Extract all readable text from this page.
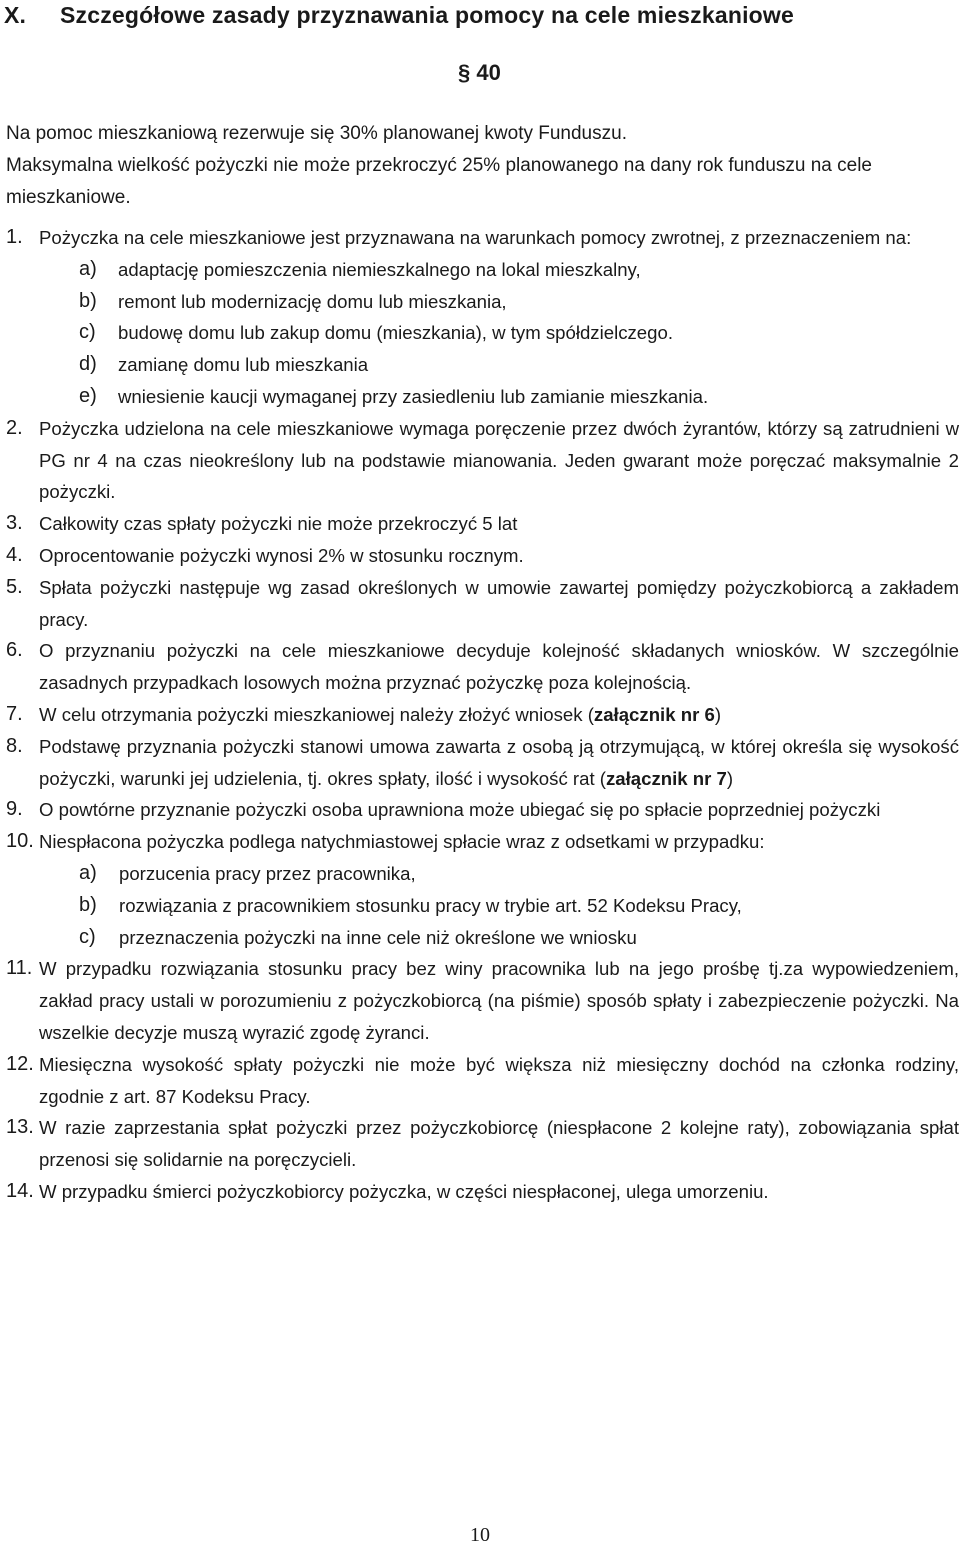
X. Szczegółowe zasady przyznawania pomocy na cele mieszkaniowe
§ 40
Na pomoc mieszkaniową rezerwuje się 30% planowanej kwoty Funduszu.
Maksymalna wielkość pożyczki nie może przekroczyć 25% planowanego na dany rok funduszu na cele mieszkaniowe.
1. Pożyczka na cele mieszkaniowe jest przyznawana na warunkach pomocy zwrotnej, z przeznaczeniem na:
a) adaptację pomieszczenia niemieszkalnego na lokal mieszkalny,
b) remont lub modernizację domu lub mieszkania,
c) budowę domu lub zakup domu (mieszkania), w tym spółdzielczego.
d) zamianę domu lub mieszkania
e) wniesienie kaucji wymaganej przy zasiedleniu lub zamianie mieszkania.
2. Pożyczka udzielona na cele mieszkaniowe wymaga poręczenie przez dwóch żyrantów, którzy są zatrudnieni w PG nr 4 na czas nieokreślony lub na podstawie mianowania. Jeden gwarant może poręczać maksymalnie 2 pożyczki.
3. Całkowity czas spłaty pożyczki nie może przekroczyć 5 lat
4. Oprocentowanie pożyczki wynosi 2% w stosunku rocznym.
5. Spłata pożyczki następuje wg zasad określonych w umowie zawartej pomiędzy pożyczkobiorcą a zakładem pracy.
6. O przyznaniu pożyczki na cele mieszkaniowe decyduje kolejność składanych wniosków. W szczególnie zasadnych przypadkach losowych można przyznać pożyczkę poza kolejnością.
7. W celu otrzymania pożyczki mieszkaniowej należy złożyć wniosek (załącznik nr 6)
8. Podstawę przyznania pożyczki stanowi umowa zawarta z osobą ją otrzymującą, w której określa się wysokość pożyczki, warunki jej udzielenia, tj. okres spłaty, ilość i wysokość rat (załącznik nr 7)
9. O powtórne przyznanie pożyczki osoba uprawniona może ubiegać się po spłacie poprzedniej pożyczki
10. Niespłacona pożyczka podlega natychmiastowej spłacie wraz z odsetkami w przypadku:
a) porzucenia pracy przez pracownika,
b) rozwiązania z pracownikiem stosunku pracy w trybie art. 52 Kodeksu Pracy,
c) przeznaczenia pożyczki na inne cele niż określone we wniosku
11. W przypadku rozwiązania stosunku pracy bez winy pracownika lub na jego prośbę tj.za wypowiedzeniem, zakład pracy ustali w porozumieniu z pożyczkobiorcą (na piśmie) sposób spłaty i zabezpieczenie pożyczki. Na wszelkie decyzje muszą wyrazić zgodę żyranci.
12. Miesięczna wysokość spłaty pożyczki nie może być większa niż miesięczny dochód na członka rodziny, zgodnie z art. 87 Kodeksu Pracy.
13. W razie zaprzestania spłat pożyczki przez pożyczkobiorcę (niespłacone 2 kolejne raty), zobowiązania spłat przenosi się solidarnie na poręczycieli.
14. W przypadku śmierci pożyczkobiorcy pożyczka, w części niespłaconej, ulega umorzeniu.
10
